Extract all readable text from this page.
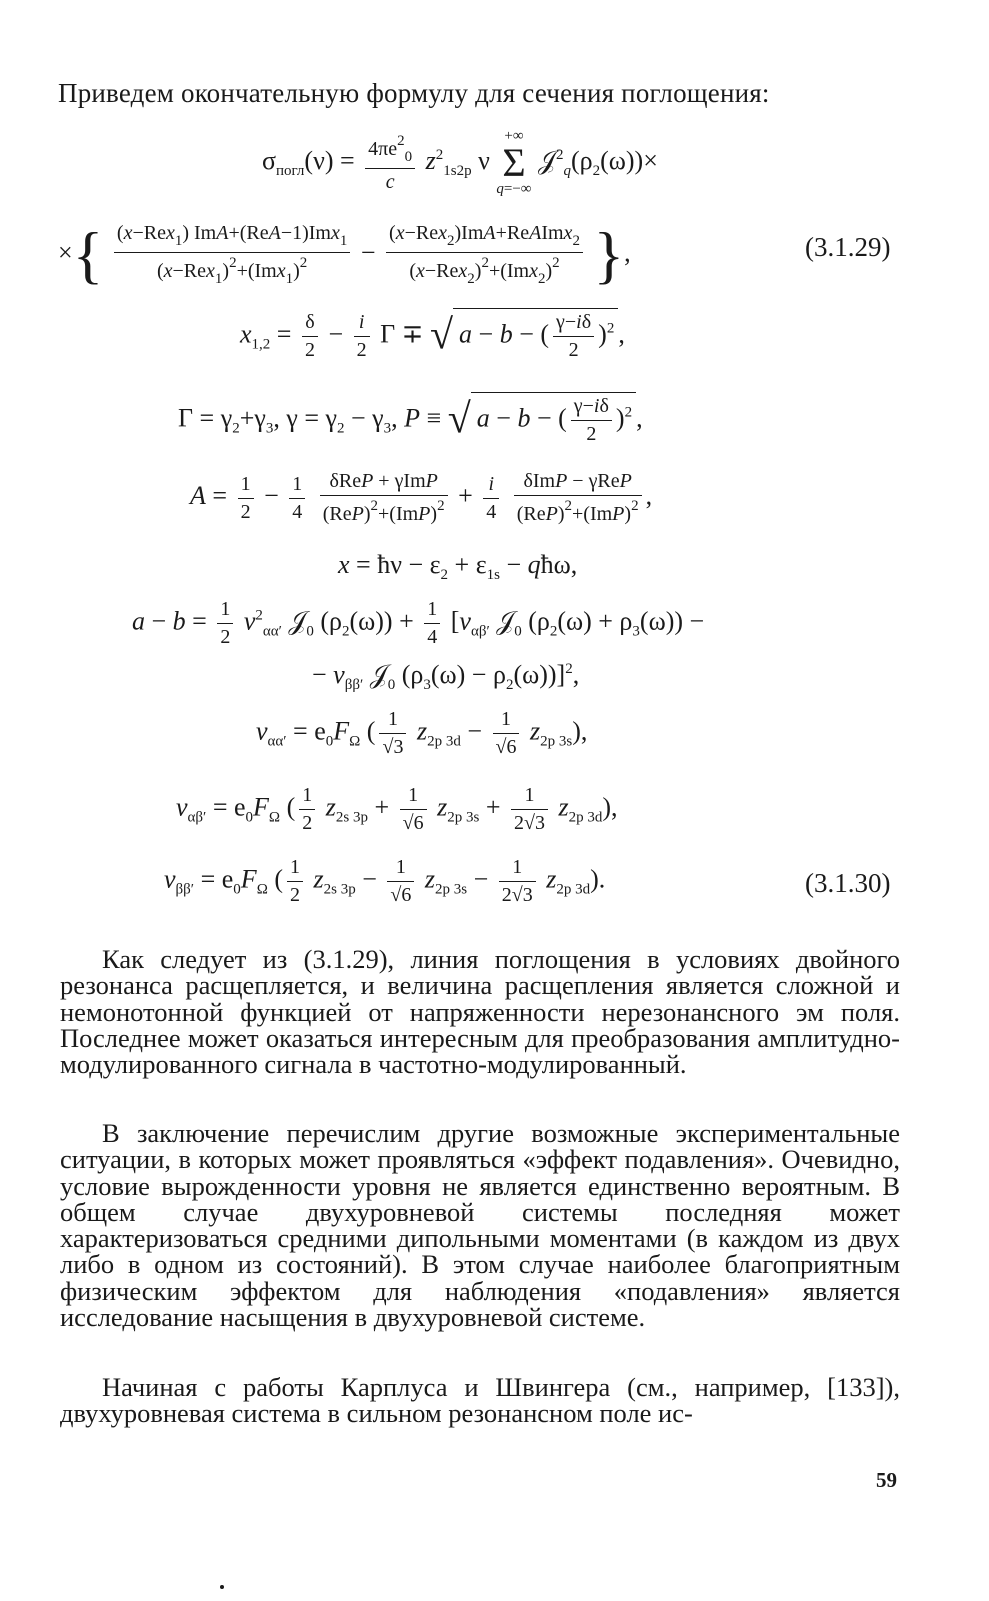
Приведем окончательную формулу для сечения поглощения:
$\sigma_{погл}(\nu) = \frac{4\pi e^2_0}{c} z^2_{1s2p}$ ν
+∞
Σ
q=−∞
$𝒥^2_q(\rho_2(\omega))\times$
×{ $\frac{(x-Rex_1) ImA+(ReA-1)Imx_1}{(x-Rex_1)^2+(Imx_1)^2} - \frac{(x-Rex_2)ImA+ReAImx_2}{(x-Rex_2)^2+(Imx_2)^2}$ },	(3.1.29)
$x_{1,2} = \frac{\delta}{2} - \frac{i}{2}$ Γ ∓ √ a − b − ( $\frac{\gamma-i\delta}{2} )^2$ ,
$\Gamma = \gamma_2+\gamma_3$, $\gamma = \gamma_2 - \gamma_3$, P ≡ √ a − b − ( $\frac{\gamma-i\delta}{2} )^2$ ,
$A = \frac{1}{2} - \frac{1}{4}$
$\frac{\text{δReP + γImP}}{(ReP)^2+(ImP)^2} + \frac{i}{4}$
$\frac{\text{δImP − γReP}}{(ReP)^2+(ImP)^2}$ ,
x = ħν − $\varepsilon_2 + \varepsilon_{1s}$ − qħω,
$a - b = \frac{1}{2} v^2_{\alpha\alpha'}$ 𝒥$_0$ $(\rho_2(\omega)) + \frac{1}{4} [v_{\alpha\beta'}$ 𝒥$_0$ $(\rho_2(\omega) + \rho_3(\omega))$ −
− $v_{\beta\beta'}$ 𝒥$_0$ $(\rho_3(\omega) - \rho_2(\omega))]^2$,
$v_{\alpha\alpha'} = e_0F_\Omega$ ( $\frac{1}{√3} z_{2p 3d} - \frac{1}{√6} z_{2p 3s}$),
$v_{\alpha\beta'} = e_0F_\Omega$ ( $\frac{1}{2} z_{2s 3p} + \frac{1}{√6} z_{2p 3s} + \frac{1}{2√3} z_{2p 3d}$),
$v_{\beta\beta'} = e_0F_\Omega$ ( $\frac{1}{2} z_{2s 3p} - \frac{1}{√6} z_{2p 3s} - \frac{1}{2√3} z_{2p 3d}$).	(3.1.30)

Как следует из (3.1.29), линия поглощения в условиях двойного резонанса расщепляется, и величина расщепления является сложной и немонотонной функцией от напряженности нерезонансного эм поля. Последнее может оказаться интересным для преобразования амплитудно-модулированного сигнала в частотно-модулированный.

В заключение перечислим другие возможные экспериментальные ситуации, в которых может проявляться «эффект подавления». Очевидно, условие вырожденности уровня не является единственно вероятным. В общем случае двухуровневой системы последняя может характеризоваться средними дипольными моментами (в каждом из двух либо в одном из состояний). В этом случае наиболее благоприятным физическим эффектом для наблюдения «подавления» является исследование насыщения в двухуровневой системе.

Начиная с работы Карплуса и Швингера (см., например, [133]), двухуровневая система в сильном резонансном поле ис-

59
